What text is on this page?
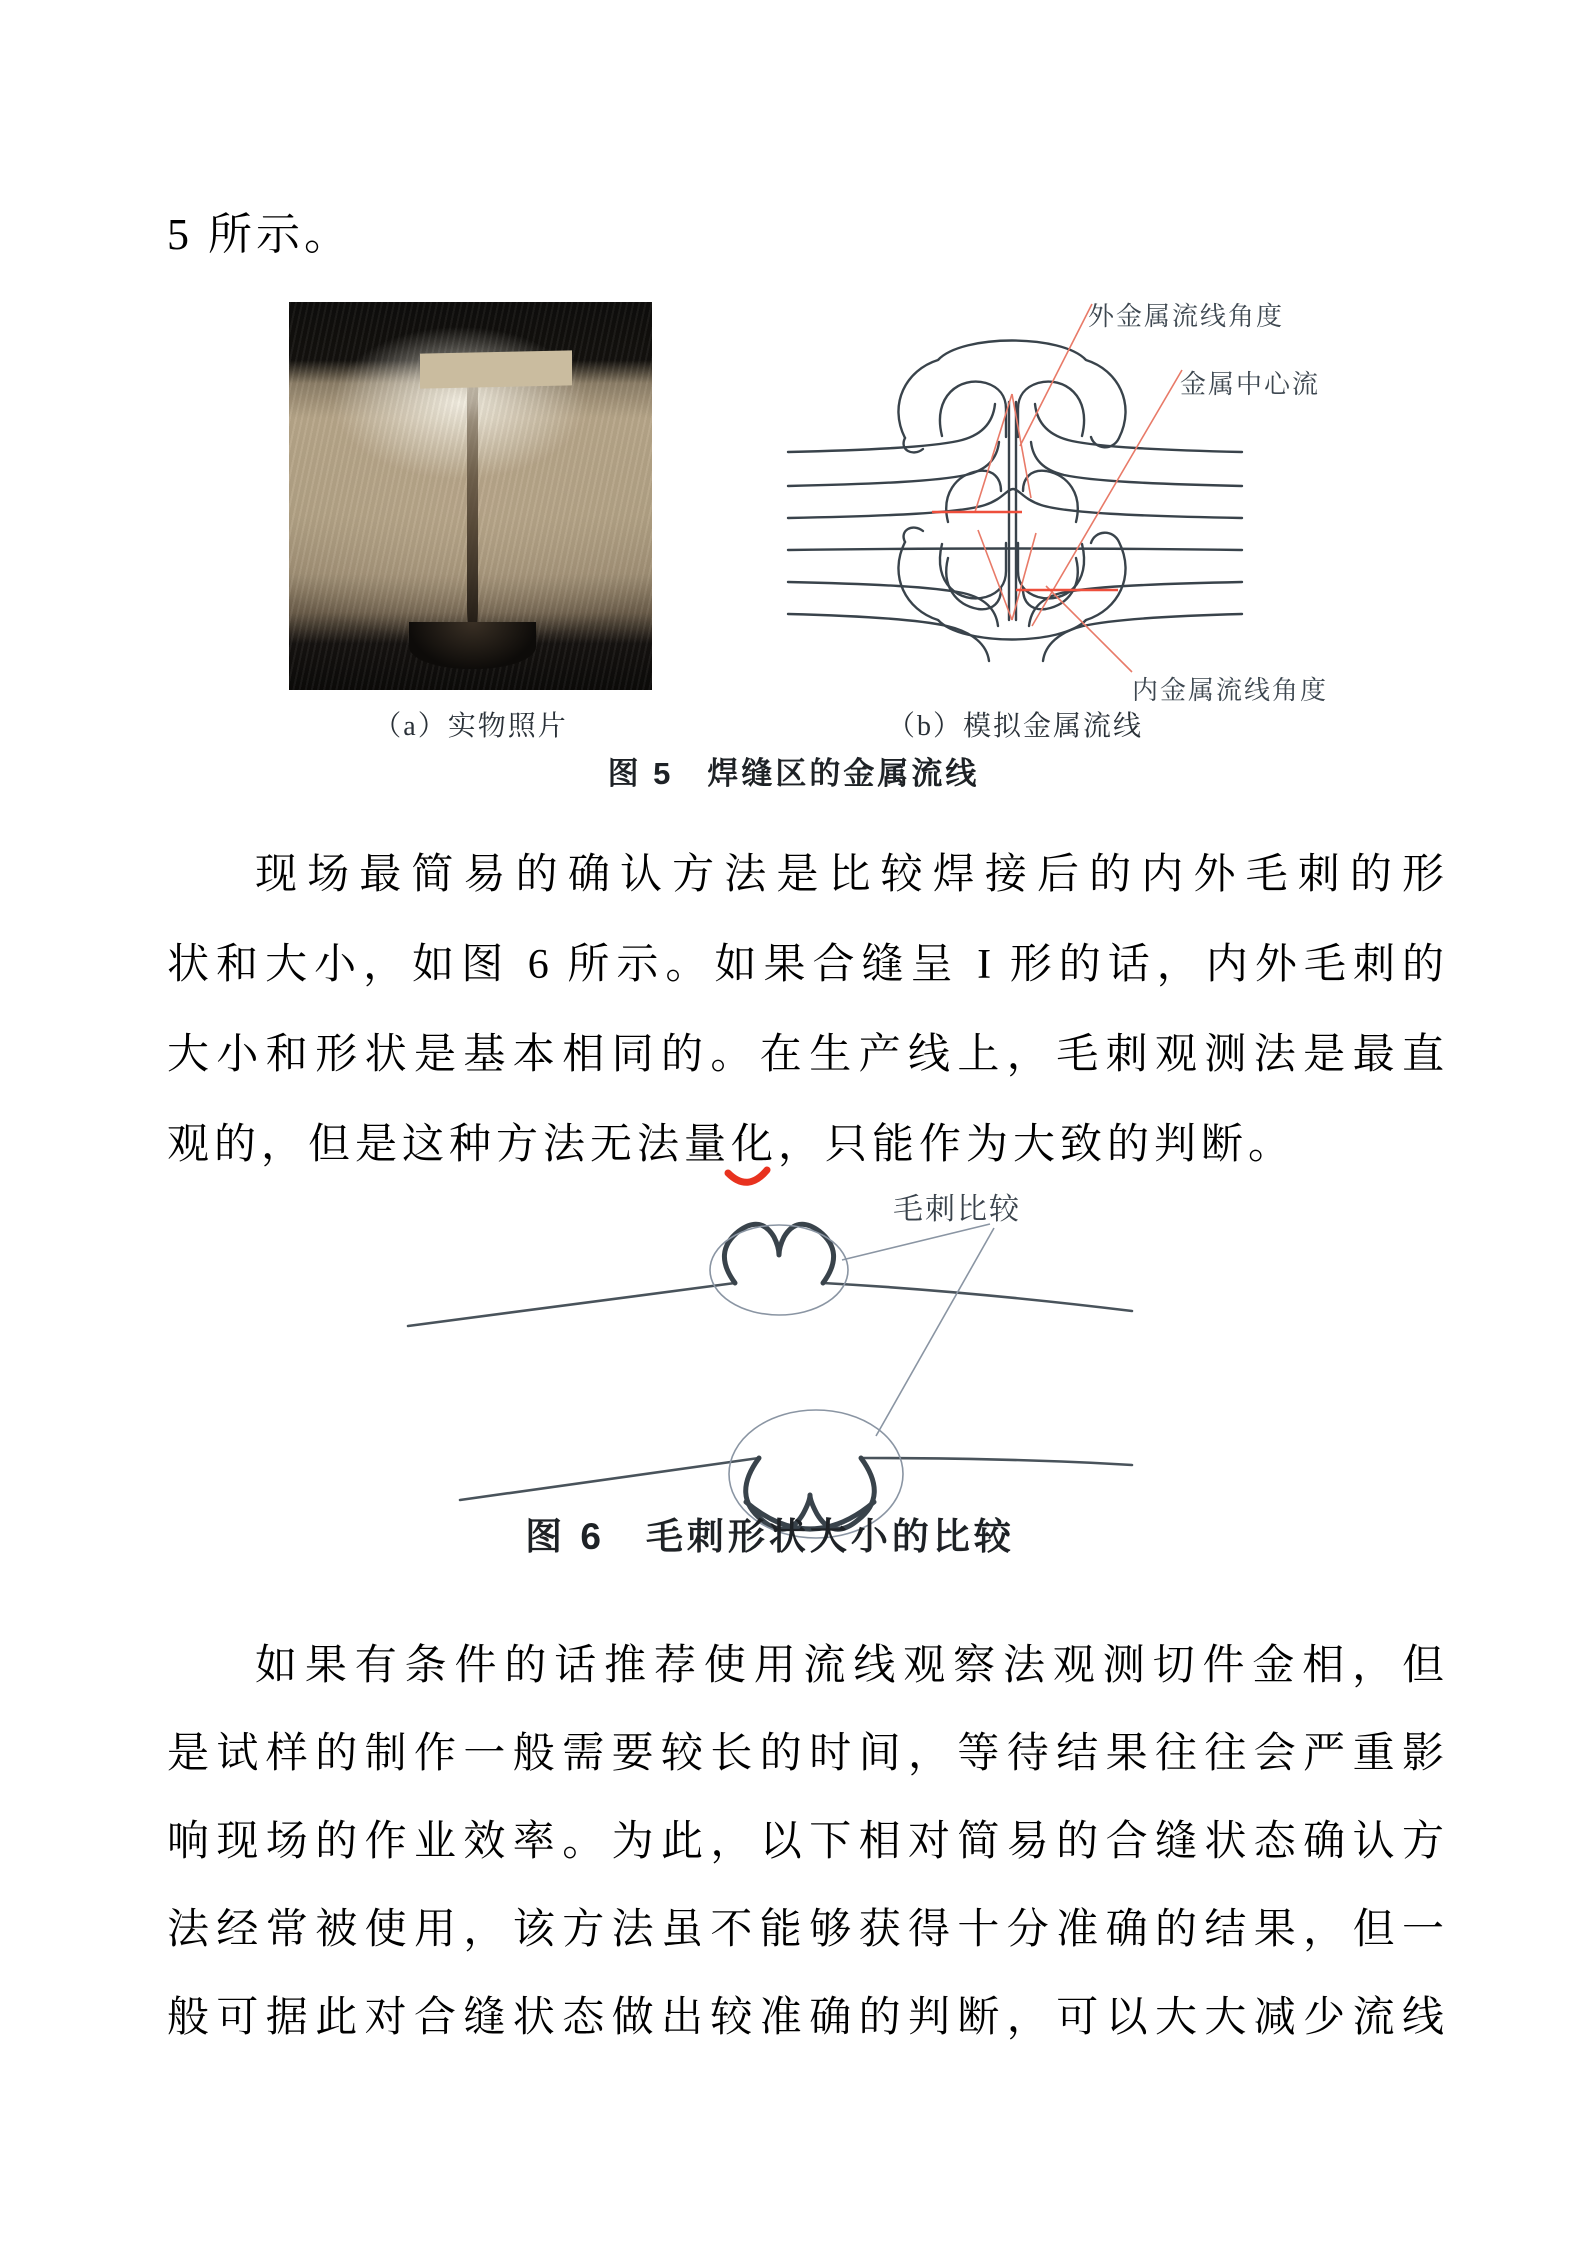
5 所示。
（a）实物照片
外金属流线角度
金属中心流
内金属流线角度
（b）模拟金属流线
图 5　焊缝区的金属流线
现场最简易的确认方法是比较焊接后的内外毛刺的形
状和大小，如图 6 所示。如果合缝呈 I 形的话，内外毛刺的
大小和形状是基本相同的。在生产线上，毛刺观测法是最直
观的，但是这种方法无法量化，只能作为大致的判断。
毛刺比较
图 6　毛刺形状大小的比较
如果有条件的话推荐使用流线观察法观测切件金相，但
是试样的制作一般需要较长的时间，等待结果往往会严重影
响现场的作业效率。为此，以下相对简易的合缝状态确认方
法经常被使用，该方法虽不能够获得十分准确的结果，但一
般可据此对合缝状态做出较准确的判断，可以大大减少流线
